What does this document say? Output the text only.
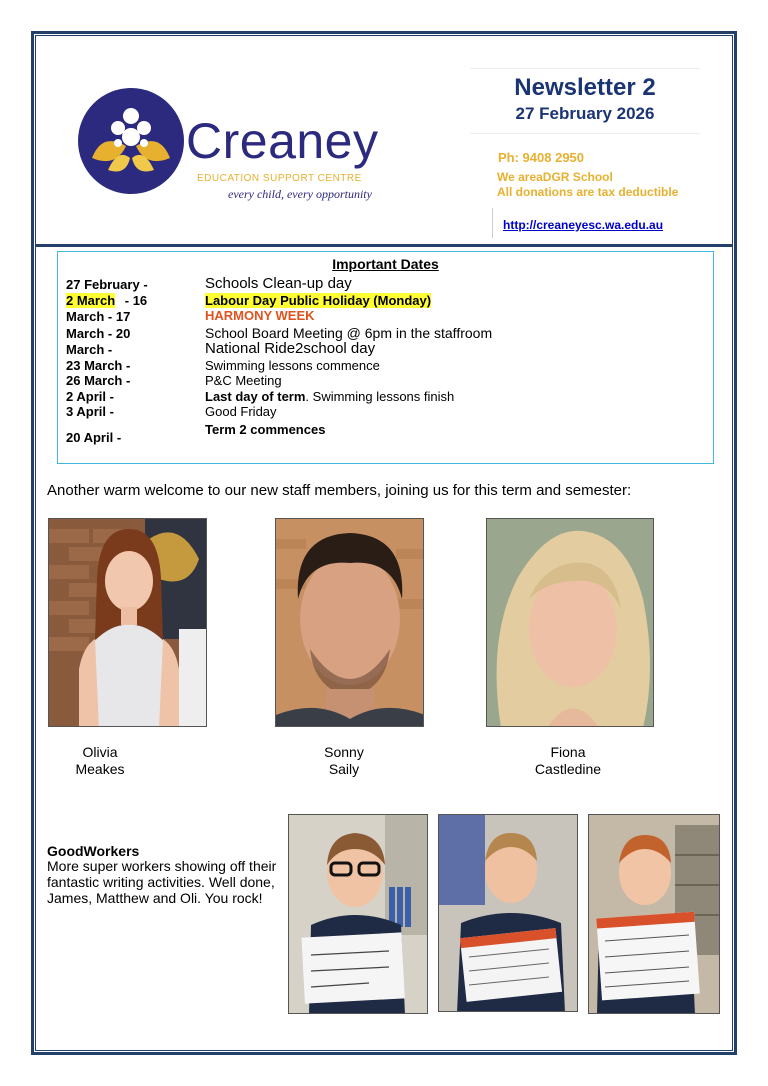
Creaney
EDUCATION SUPPORT CENTRE
every child, every opportunity
Newsletter 2
27 February 2026
Ph: 9408 2950
We areaDGR School
All donations are tax deductible
http://creaneyesc.wa.edu.au
Important Dates
27 February -
2 March - 16
March - 17
March - 20
March -
23 March -
26 March -
2 April -
3 April -
20 April -
Schools Clean-up day
Labour Day Public Holiday (Monday)
HARMONY WEEK
School Board Meeting @ 6pm in the staffroom
National Ride2school day
Swimming lessons commence
P&C Meeting
Last day of term. Swimming lessons finish
Good Friday
Term 2 commences
Another warm welcome to our new staff members, joining us for this term and semester:
Olivia
Meakes
Sonny
Saily
Fiona
Castledine
GoodWorkers
More super workers showing off their fantastic writing activities. Well done, James, Matthew and Oli. You rock!
